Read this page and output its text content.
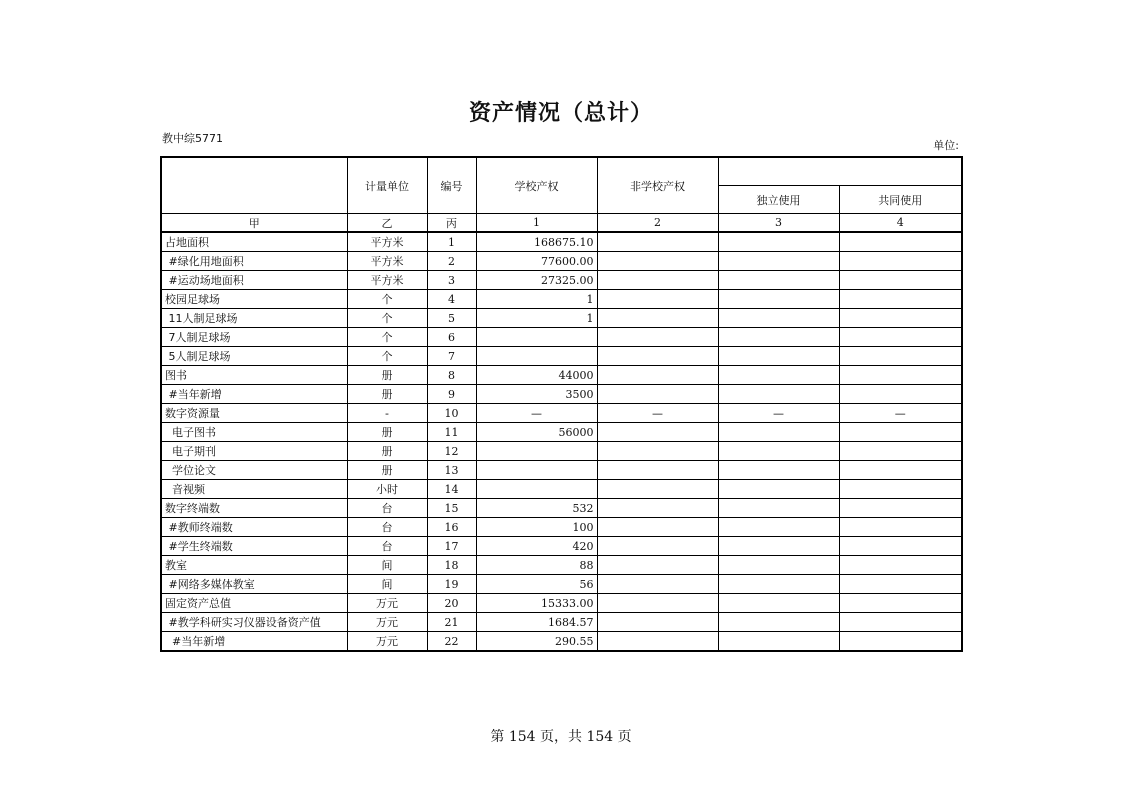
资产情况（总计）
教中综5771
单位:
	计量单位	编号	学校产权	非学校产权		
					独立使用	共同使用
甲	乙	丙	1	2	3	4
占地面积	平方米	1	168675.10			
#绿化用地面积	平方米	2	77600.00			
#运动场地面积	平方米	3	27325.00			
校园足球场	个	4	1			
11人制足球场	个	5	1			
7人制足球场	个	6				
5人制足球场	个	7				
图书	册	8	44000			
#当年新增	册	9	3500			
数字资源量	-	10	—	—	—	—
电子图书	册	11	56000			
电子期刊	册	12				
学位论文	册	13				
音视频	小时	14				
数字终端数	台	15	532			
#教师终端数	台	16	100			
#学生终端数	台	17	420			
教室	间	18	88			
#网络多媒体教室	间	19	56			
固定资产总值	万元	20	15333.00			
#教学科研实习仪器设备资产值	万元	21	1684.57			
#当年新增	万元	22	290.55			
第 154 页，共 154 页
